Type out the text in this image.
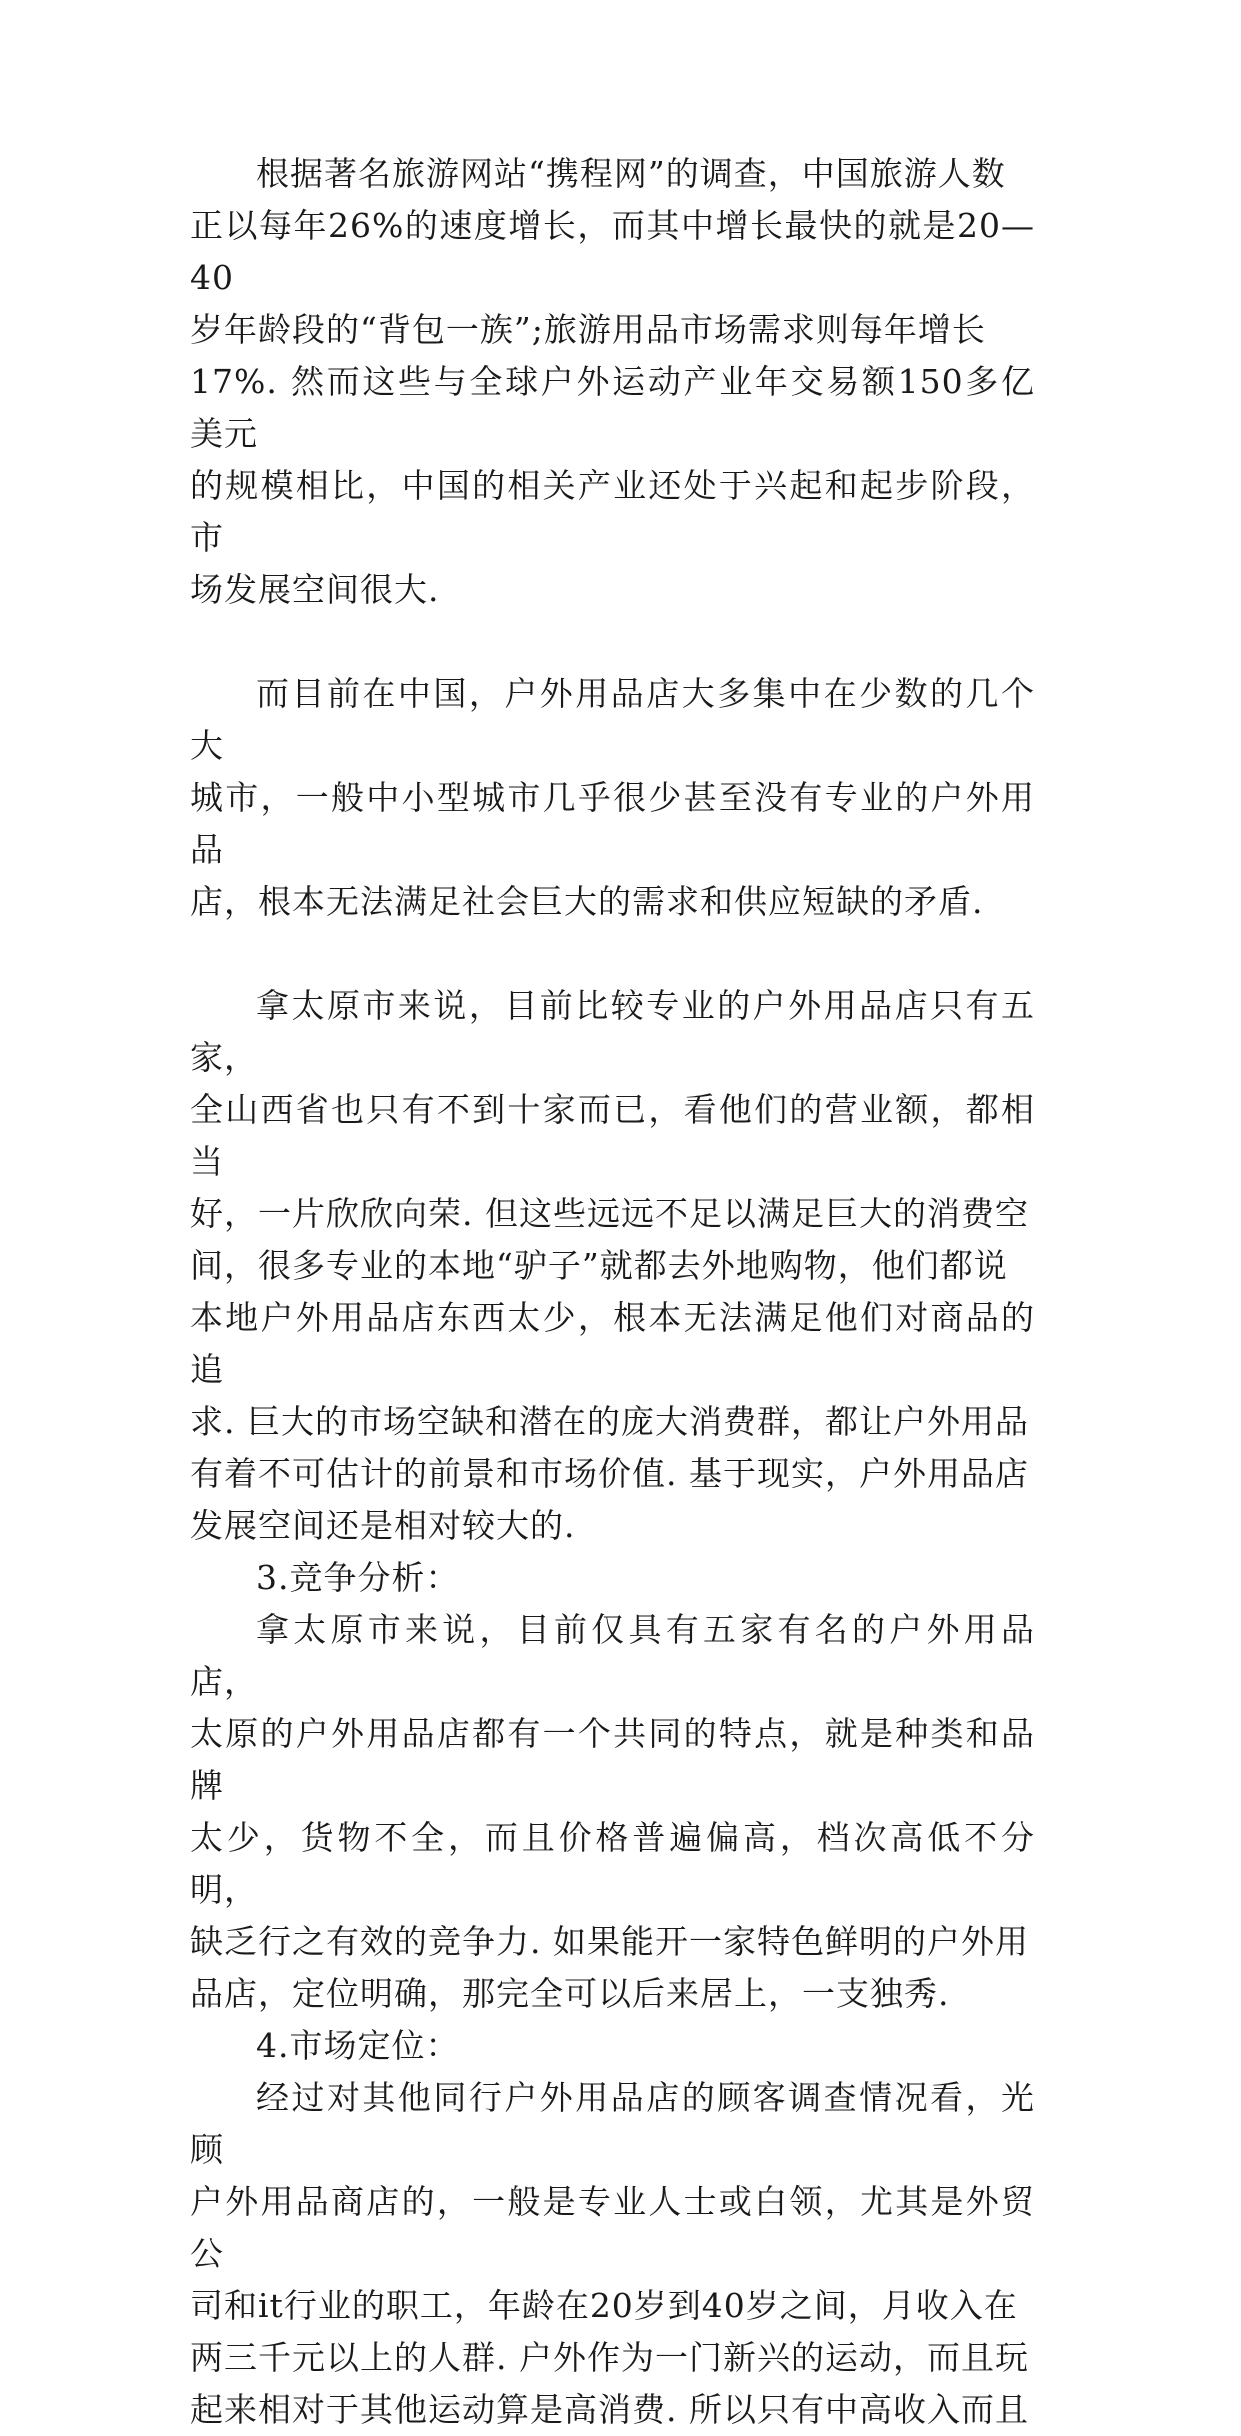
根据著名旅游网站“携程网”的调查，中国旅游人数
正以每年26%的速度增长，而其中增长最快的就是20—40
岁年龄段的“背包一族”;旅游用品市场需求则每年增长
17%. 然而这些与全球户外运动产业年交易额150多亿美元
的规模相比，中国的相关产业还处于兴起和起步阶段，市
场发展空间很大.

而目前在中国，户外用品店大多集中在少数的几个大
城市，一般中小型城市几乎很少甚至没有专业的户外用品
店，根本无法满足社会巨大的需求和供应短缺的矛盾.

拿太原市来说，目前比较专业的户外用品店只有五家，
全山西省也只有不到十家而已，看他们的营业额，都相当
好，一片欣欣向荣. 但这些远远不足以满足巨大的消费空
间，很多专业的本地“驴子”就都去外地购物，他们都说
本地户外用品店东西太少，根本无法满足他们对商品的追
求. 巨大的市场空缺和潜在的庞大消费群，都让户外用品
有着不可估计的前景和市场价值. 基于现实，户外用品店
发展空间还是相对较大的.

3.竞争分析：

拿太原市来说，目前仅具有五家有名的户外用品店，
太原的户外用品店都有一个共同的特点，就是种类和品牌
太少，货物不全，而且价格普遍偏高，档次高低不分明，
缺乏行之有效的竞争力. 如果能开一家特色鲜明的户外用
品店，定位明确，那完全可以后来居上，一支独秀.

4.市场定位：

经过对其他同行户外用品店的顾客调查情况看，光顾
户外用品商店的，一般是专业人士或白领，尤其是外贸公
司和it行业的职工，年龄在20岁到40岁之间，月收入在
两三千元以上的人群. 户外作为一门新兴的运动，而且玩
起来相对于其他运动算是高消费. 所以只有中高收入而且
